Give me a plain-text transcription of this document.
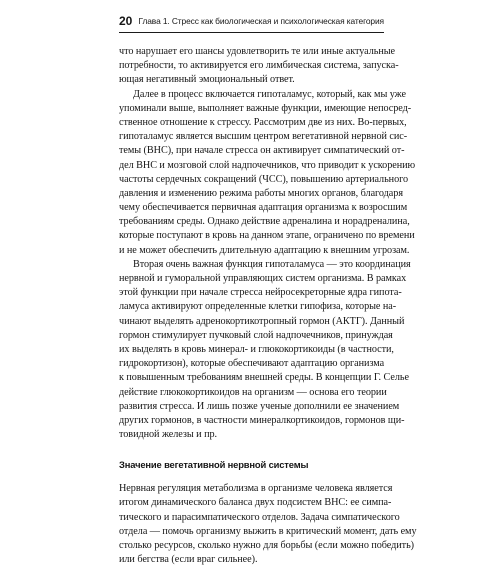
20 Глава 1. Стресс как биологическая и психологическая категория
что нарушает его шансы удовлетворить те или иные актуальные
потребности, то активируется его лимбическая система, запуска-
ющая негативный эмоциональный ответ.
Далее в процесс включается гипоталамус, который, как мы уже
упоминали выше, выполняет важные функции, имеющие непосред-
ственное отношение к стрессу. Рассмотрим две из них. Во-первых,
гипоталамус является высшим центром вегетативной нервной сис-
темы (ВНС), при начале стресса он активирует симпатический от-
дел ВНС и мозговой слой надпочечников, что приводит к ускорению
частоты сердечных сокращений (ЧСС), повышению артериального
давления и изменению режима работы многих органов, благодаря
чему обеспечивается первичная адаптация организма к возросшим
требованиям среды. Однако действие адреналина и норадреналина,
которые поступают в кровь на данном этапе, ограничено по времени
и не может обеспечить длительную адаптацию к внешним угрозам.
Вторая очень важная функция гипоталамуса — это координация
нервной и гуморальной управляющих систем организма. В рамках
этой функции при начале стресса нейросекреторные ядра гипота-
ламуса активируют определенные клетки гипофиза, которые на-
чинают выделять адренокортикотропный гормон (АКТГ). Данный
гормон стимулирует пучковый слой надпочечников, принуждая
их выделять в кровь минерал- и глюкокортикоиды (в частности,
гидрокортизон), которые обеспечивают адаптацию организма
к повышенным требованиям внешней среды. В концепции Г. Селье
действие глюкокортикоидов на организм — основа его теории
развития стресса. И лишь позже ученые дополнили ее значением
других гормонов, в частности минералкортикоидов, гормонов щи-
товидной железы и пр.
Значение вегетативной нервной системы
Нервная регуляция метаболизма в организме человека является
итогом динамического баланса двух подсистем ВНС: ее симпа-
тического и парасимпатического отделов. Задача симпатического
отдела — помочь организму выжить в критический момент, дать ему
столько ресурсов, сколько нужно для борьбы (если можно победить)
или бегства (если враг сильнее).
